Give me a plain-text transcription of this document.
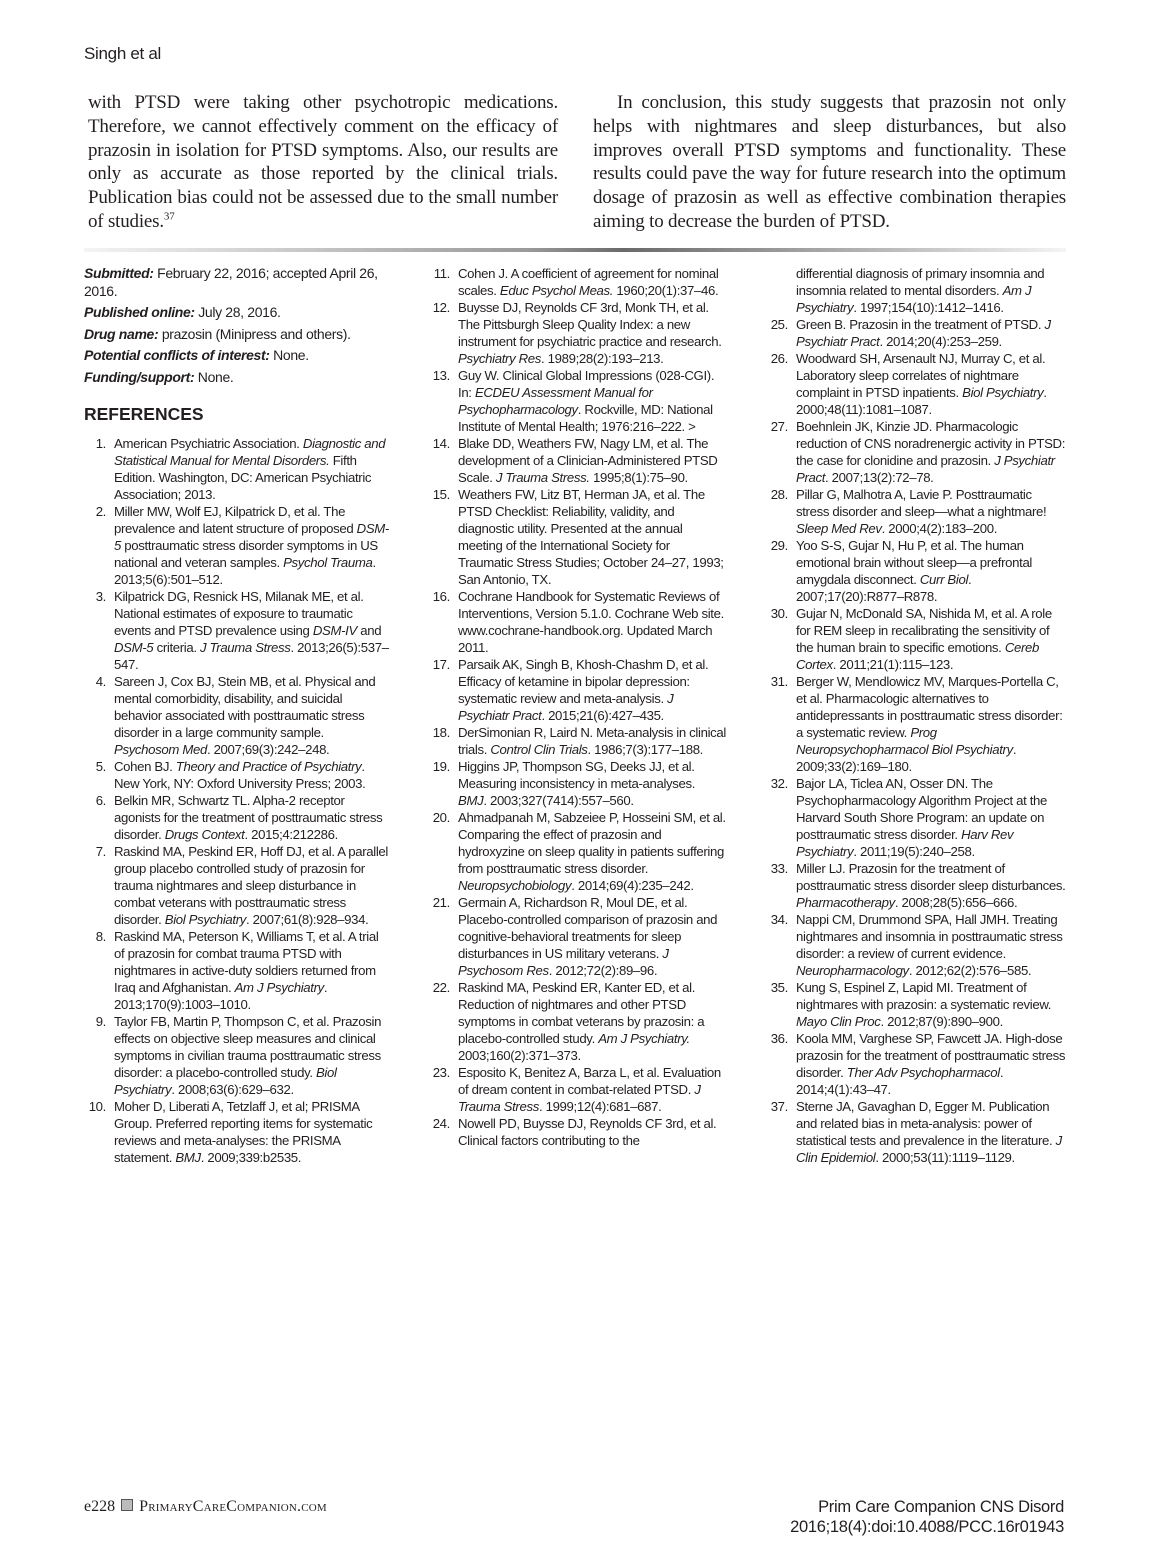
Singh et al
with PTSD were taking other psychotropic medications. Therefore, we cannot effectively comment on the efficacy of prazosin in isolation for PTSD symptoms. Also, our results are only as accurate as those reported by the clinical trials. Publication bias could not be assessed due to the small number of studies.$^{37}$
In conclusion, this study suggests that prazosin not only helps with nightmares and sleep disturbances, but also improves overall PTSD symptoms and functionality. These results could pave the way for future research into the optimum dosage of prazosin as well as effective combination therapies aiming to decrease the burden of PTSD.

Submitted: February 22, 2016; accepted April 26, 2016.

Published online: July 28, 2016.

Drug name: prazosin (Minipress and others).

Potential conflicts of interest: None.

Funding/support: None.

REFERENCES
1. American Psychiatric Association. Diagnostic and Statistical Manual for Mental Disorders. Fifth Edition. Washington, DC: American Psychiatric Association; 2013.
2. Miller MW, Wolf EJ, Kilpatrick D, et al. The prevalence and latent structure of proposed DSM-5 posttraumatic stress disorder symptoms in US national and veteran samples. Psychol Trauma. 2013;5(6):501–512.
3. Kilpatrick DG, Resnick HS, Milanak ME, et al. National estimates of exposure to traumatic events and PTSD prevalence using DSM-IV and DSM-5 criteria. J Trauma Stress. 2013;26(5):537–547.
4. Sareen J, Cox BJ, Stein MB, et al. Physical and mental comorbidity, disability, and suicidal behavior associated with posttraumatic stress disorder in a large community sample. Psychosom Med. 2007;69(3):242–248.
5. Cohen BJ. Theory and Practice of Psychiatry. New York, NY: Oxford University Press; 2003.
6. Belkin MR, Schwartz TL. Alpha-2 receptor agonists for the treatment of posttraumatic stress disorder. Drugs Context. 2015;4:212286.
7. Raskind MA, Peskind ER, Hoff DJ, et al. A parallel group placebo controlled study of prazosin for trauma nightmares and sleep disturbance in combat veterans with posttraumatic stress disorder. Biol Psychiatry. 2007;61(8):928–934.
8. Raskind MA, Peterson K, Williams T, et al. A trial of prazosin for combat trauma PTSD with nightmares in active-duty soldiers returned from Iraq and Afghanistan. Am J Psychiatry. 2013;170(9):1003–1010.
9. Taylor FB, Martin P, Thompson C, et al. Prazosin effects on objective sleep measures and clinical symptoms in civilian trauma posttraumatic stress disorder: a placebo-controlled study. Biol Psychiatry. 2008;63(6):629–632.
10. Moher D, Liberati A, Tetzlaff J, et al; PRISMA Group. Preferred reporting items for systematic reviews and meta-analyses: the PRISMA statement. BMJ. 2009;339:b2535.
11. Cohen J. A coefficient of agreement for nominal scales. Educ Psychol Meas. 1960;20(1):37–46.
12. Buysse DJ, Reynolds CF 3rd, Monk TH, et al. The Pittsburgh Sleep Quality Index: a new instrument for psychiatric practice and research. Psychiatry Res. 1989;28(2):193–213.
13. Guy W. Clinical Global Impressions (028-CGI). In: ECDEU Assessment Manual for Psychopharmacology. Rockville, MD: National Institute of Mental Health; 1976:216–222. >
14. Blake DD, Weathers FW, Nagy LM, et al. The development of a Clinician-Administered PTSD Scale. J Trauma Stress. 1995;8(1):75–90.
15. Weathers FW, Litz BT, Herman JA, et al. The PTSD Checklist: Reliability, validity, and diagnostic utility. Presented at the annual meeting of the International Society for Traumatic Stress Studies; October 24–27, 1993; San Antonio, TX.
16. Cochrane Handbook for Systematic Reviews of Interventions, Version 5.1.0. Cochrane Web site. www.cochrane-handbook.org. Updated March 2011.
17. Parsaik AK, Singh B, Khosh-Chashm D, et al. Efficacy of ketamine in bipolar depression: systematic review and meta-analysis. J Psychiatr Pract. 2015;21(6):427–435.
18. DerSimonian R, Laird N. Meta-analysis in clinical trials. Control Clin Trials. 1986;7(3):177–188.
19. Higgins JP, Thompson SG, Deeks JJ, et al. Measuring inconsistency in meta-analyses. BMJ. 2003;327(7414):557–560.
20. Ahmadpanah M, Sabzeiee P, Hosseini SM, et al. Comparing the effect of prazosin and hydroxyzine on sleep quality in patients suffering from posttraumatic stress disorder. Neuropsychobiology. 2014;69(4):235–242.
21. Germain A, Richardson R, Moul DE, et al. Placebo-controlled comparison of prazosin and cognitive-behavioral treatments for sleep disturbances in US military veterans. J Psychosom Res. 2012;72(2):89–96.
22. Raskind MA, Peskind ER, Kanter ED, et al. Reduction of nightmares and other PTSD symptoms in combat veterans by prazosin: a placebo-controlled study. Am J Psychiatry. 2003;160(2):371–373.
23. Esposito K, Benitez A, Barza L, et al. Evaluation of dream content in combat-related PTSD. J Trauma Stress. 1999;12(4):681–687.
24. Nowell PD, Buysse DJ, Reynolds CF 3rd, et al. Clinical factors contributing to the
differential diagnosis of primary insomnia and insomnia related to mental disorders. Am J Psychiatry. 1997;154(10):1412–1416.
25. Green B. Prazosin in the treatment of PTSD. J Psychiatr Pract. 2014;20(4):253–259.
26. Woodward SH, Arsenault NJ, Murray C, et al. Laboratory sleep correlates of nightmare complaint in PTSD inpatients. Biol Psychiatry. 2000;48(11):1081–1087.
27. Boehnlein JK, Kinzie JD. Pharmacologic reduction of CNS noradrenergic activity in PTSD: the case for clonidine and prazosin. J Psychiatr Pract. 2007;13(2):72–78.
28. Pillar G, Malhotra A, Lavie P. Posttraumatic stress disorder and sleep—what a nightmare! Sleep Med Rev. 2000;4(2):183–200.
29. Yoo S-S, Gujar N, Hu P, et al. The human emotional brain without sleep—a prefrontal amygdala disconnect. Curr Biol. 2007;17(20):R877–R878.
30. Gujar N, McDonald SA, Nishida M, et al. A role for REM sleep in recalibrating the sensitivity of the human brain to specific emotions. Cereb Cortex. 2011;21(1):115–123.
31. Berger W, Mendlowicz MV, Marques-Portella C, et al. Pharmacologic alternatives to antidepressants in posttraumatic stress disorder: a systematic review. Prog Neuropsychopharmacol Biol Psychiatry. 2009;33(2):169–180.
32. Bajor LA, Ticlea AN, Osser DN. The Psychopharmacology Algorithm Project at the Harvard South Shore Program: an update on posttraumatic stress disorder. Harv Rev Psychiatry. 2011;19(5):240–258.
33. Miller LJ. Prazosin for the treatment of posttraumatic stress disorder sleep disturbances. Pharmacotherapy. 2008;28(5):656–666.
34. Nappi CM, Drummond SPA, Hall JMH. Treating nightmares and insomnia in posttraumatic stress disorder: a review of current evidence. Neuropharmacology. 2012;62(2):576–585.
35. Kung S, Espinel Z, Lapid MI. Treatment of nightmares with prazosin: a systematic review. Mayo Clin Proc. 2012;87(9):890–900.
36. Koola MM, Varghese SP, Fawcett JA. High-dose prazosin for the treatment of posttraumatic stress disorder. Ther Adv Psychopharmacol. 2014;4(1):43–47.
37. Sterne JA, Gavaghan D, Egger M. Publication and related bias in meta-analysis: power of statistical tests and prevalence in the literature. J Clin Epidemiol. 2000;53(11):1119–1129.
e228 PrimaryCareCompanion.com	Prim Care Companion CNS Disord
2016;18(4):doi:10.4088/PCC.16r01943
